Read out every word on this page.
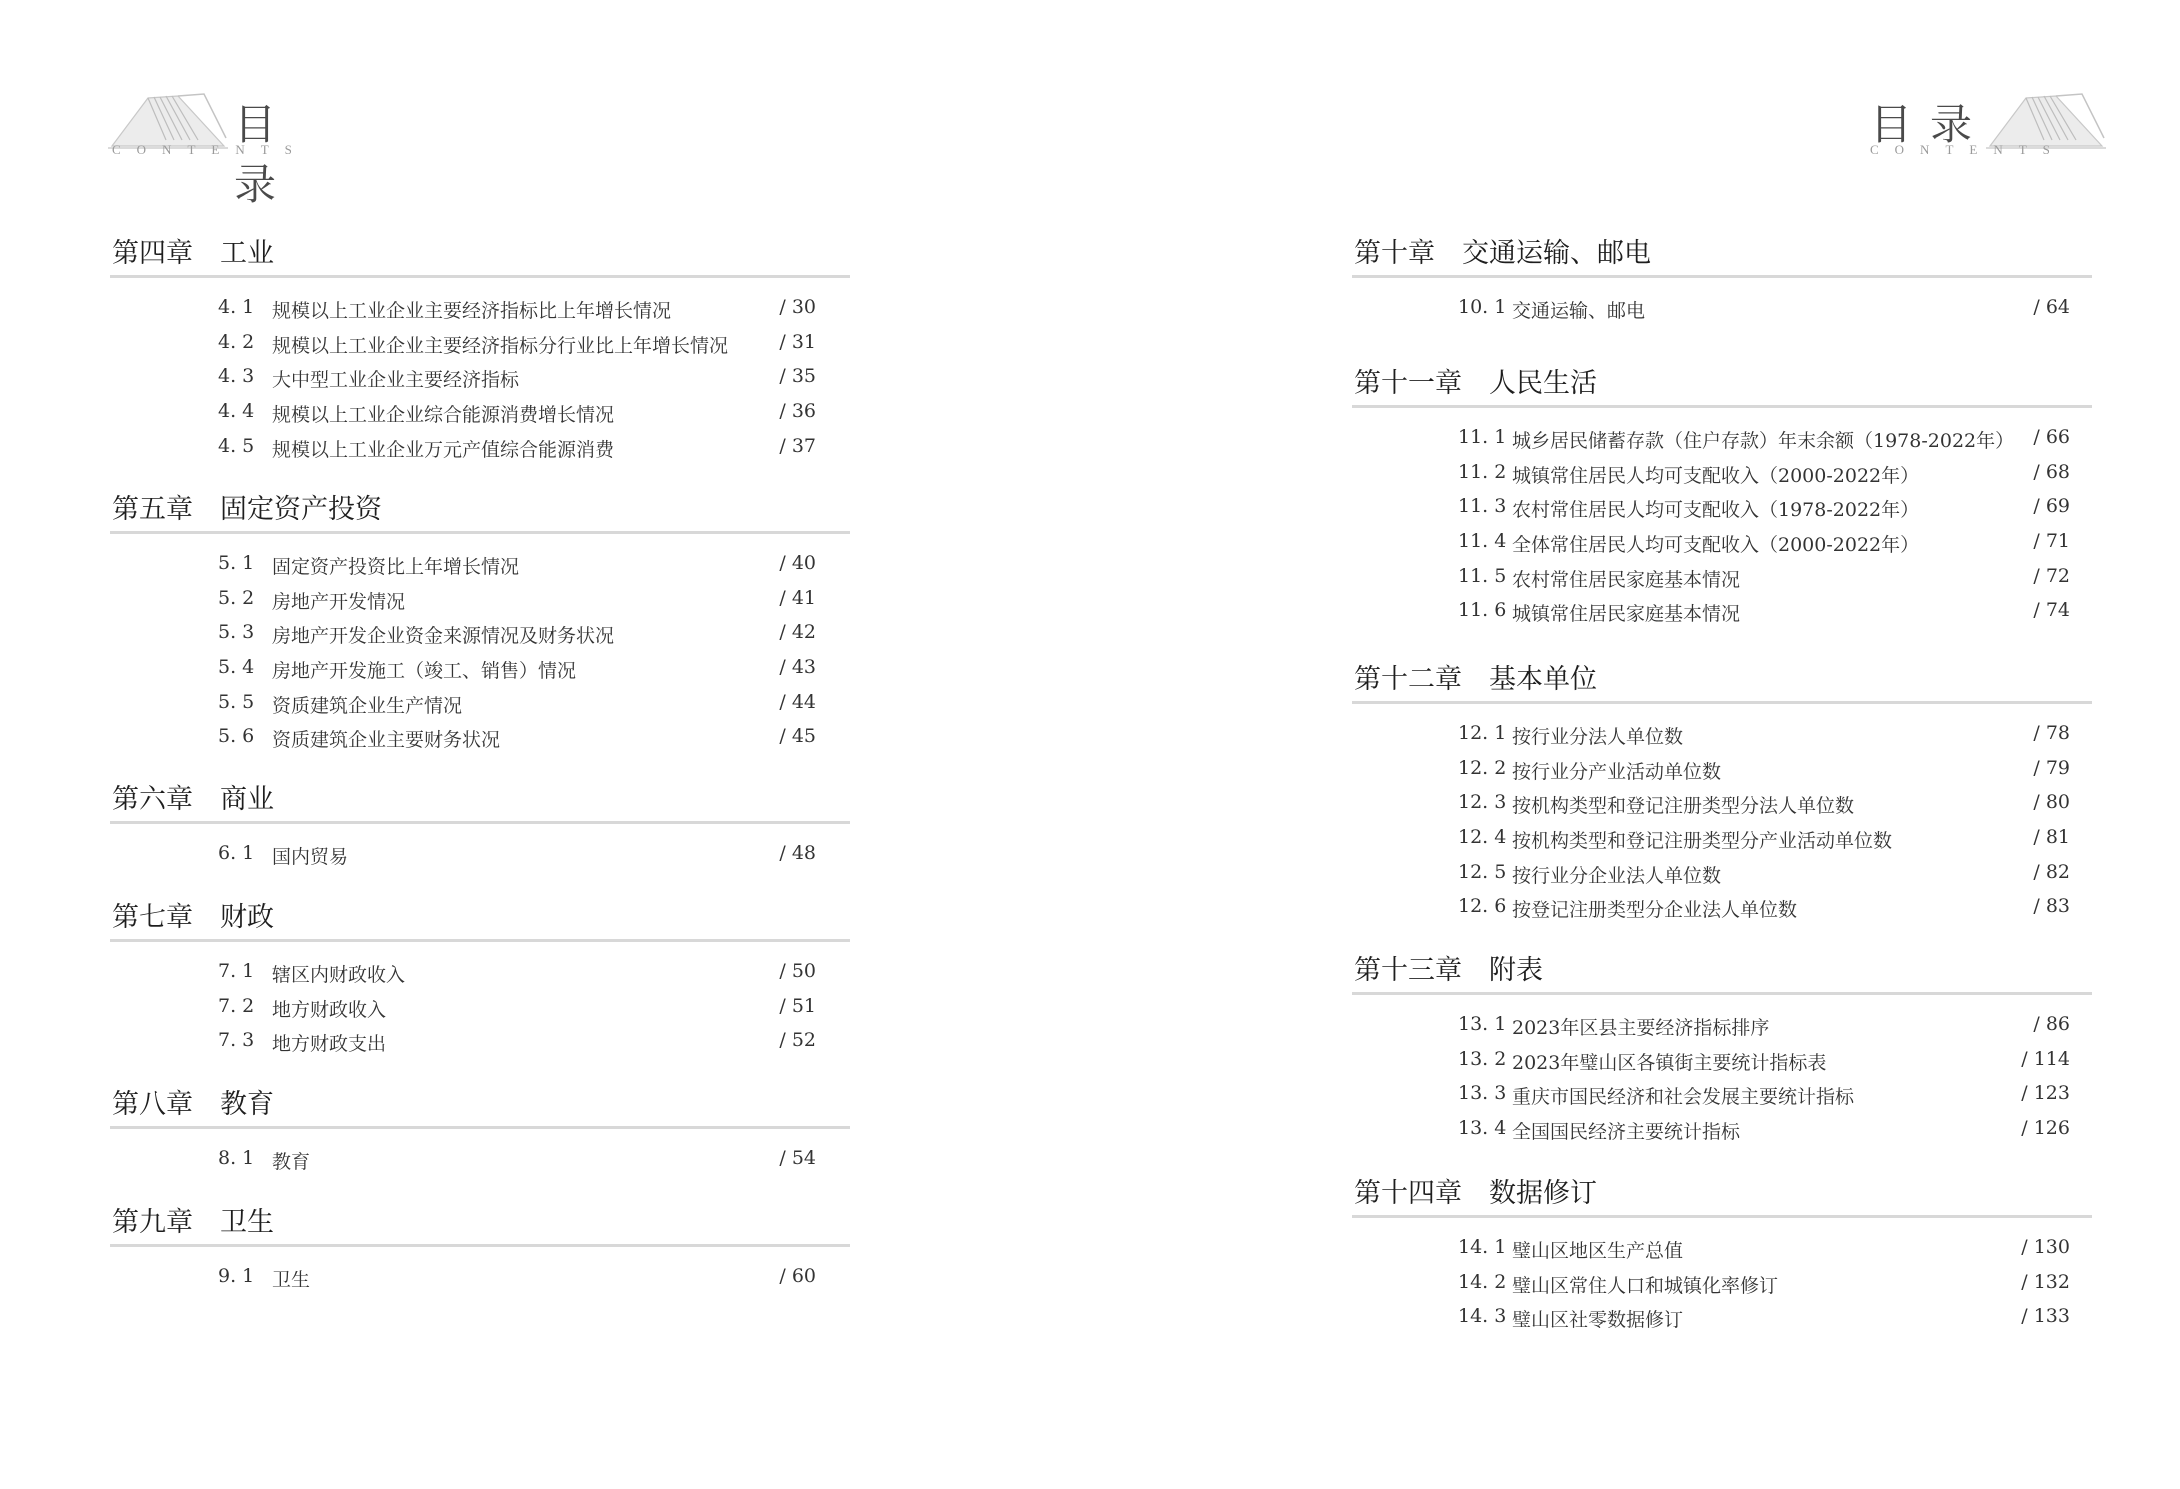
目录
CONTENTS
第四章　工业
4. 1 规模以上工业企业主要经济指标比上年增长情况	/ 30
4. 2 规模以上工业企业主要经济指标分行业比上年增长情况	/ 31
4. 3 大中型工业企业主要经济指标	/ 35
4. 4 规模以上工业企业综合能源消费增长情况	/ 36
4. 5 规模以上工业企业万元产值综合能源消费	/ 37
第五章　固定资产投资
5. 1 固定资产投资比上年增长情况	/ 40
5. 2 房地产开发情况	/ 41
5. 3 房地产开发企业资金来源情况及财务状况	/ 42
5. 4 房地产开发施工（竣工、销售）情况	/ 43
5. 5 资质建筑企业生产情况	/ 44
5. 6 资质建筑企业主要财务状况	/ 45
第六章　商业
6. 1 国内贸易	/ 48
第七章　财政
7. 1 辖区内财政收入	/ 50
7. 2 地方财政收入	/ 51
7. 3 地方财政支出	/ 52
第八章　教育
8. 1 教育	/ 54
第九章　卫生
9. 1 卫生	/ 60
目录
CONTENTS
第十章　交通运输、邮电
10. 1 交通运输、邮电	/ 64
第十一章　人民生活
11. 1 城乡居民储蓄存款（住户存款）年末余额（1978-2022年） / 66
11. 2 城镇常住居民人均可支配收入（2000-2022年）	/ 68
11. 3 农村常住居民人均可支配收入（1978-2022年）	/ 69
11. 4 全体常住居民人均可支配收入（2000-2022年）	/ 71
11. 5 农村常住居民家庭基本情况	/ 72
11. 6 城镇常住居民家庭基本情况	/ 74
第十二章　基本单位
12. 1 按行业分法人单位数	/ 78
12. 2 按行业分产业活动单位数	/ 79
12. 3 按机构类型和登记注册类型分法人单位数	/ 80
12. 4 按机构类型和登记注册类型分产业活动单位数	/ 81
12. 5 按行业分企业法人单位数	/ 82
12. 6 按登记注册类型分企业法人单位数	/ 83
第十三章　附表
13. 1 2023年区县主要经济指标排序	/ 86
13. 2 2023年璧山区各镇街主要统计指标表	/ 114
13. 3 重庆市国民经济和社会发展主要统计指标	/ 123
13. 4 全国国民经济主要统计指标	/ 126
第十四章　数据修订
14. 1 璧山区地区生产总值	/ 130
14. 2 璧山区常住人口和城镇化率修订	/ 132
14. 3 璧山区社零数据修订	/ 133
